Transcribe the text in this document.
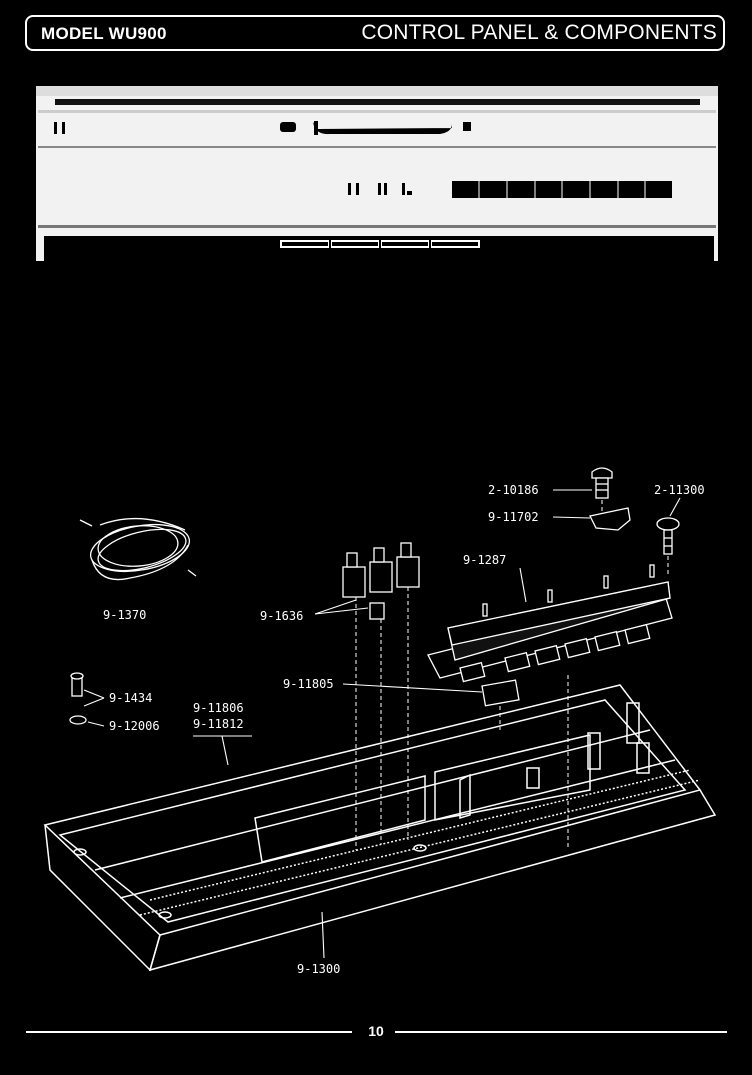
MODEL WU900	CONTROL PANEL & COMPONENTS
9-1370	9-1636
9-11805
9-1434
9-12006
9-11806
9-11812
2-10186
9-11702
2-11300
9-1287
9-1300
10
